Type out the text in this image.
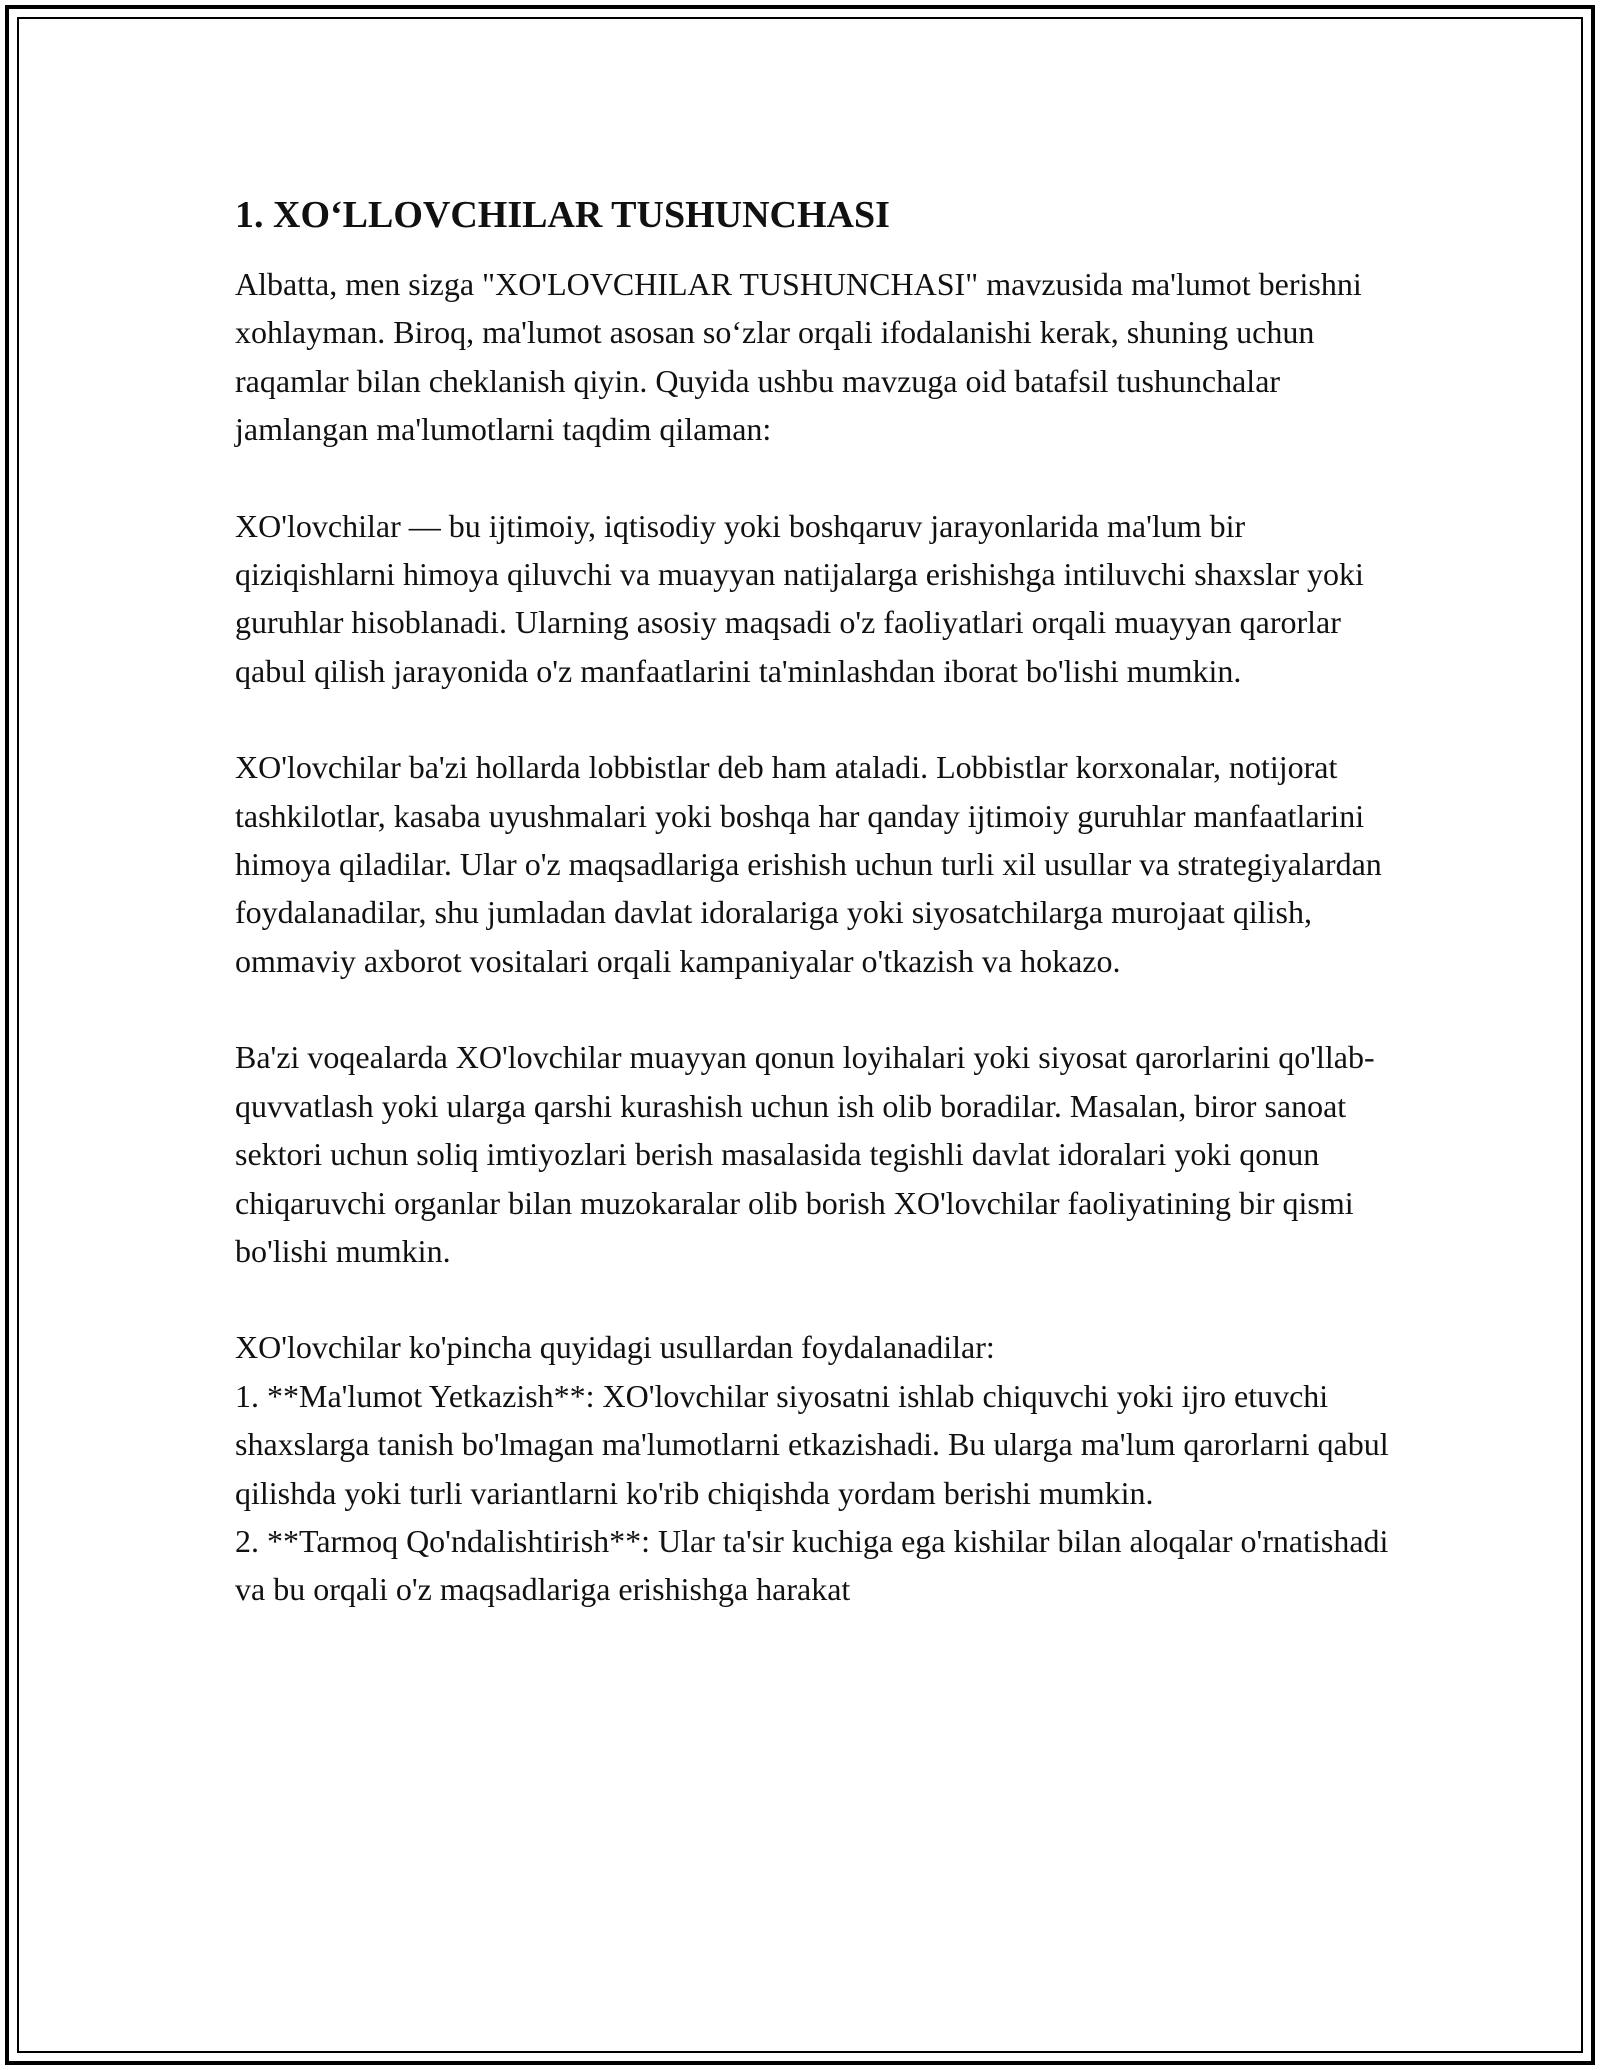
1. XO‘LLOVCHILAR TUSHUNCHASI

Albatta, men sizga "XO'LOVCHILAR TUSHUNCHASI" mavzusida ma'lumot berishni xohlayman. Biroq, ma'lumot asosan so‘zlar orqali ifodalanishi kerak, shuning uchun raqamlar bilan cheklanish qiyin. Quyida ushbu mavzuga oid batafsil tushunchalar jamlangan ma'lumotlarni taqdim qilaman:

XO'lovchilar — bu ijtimoiy, iqtisodiy yoki boshqaruv jarayonlarida ma'lum bir qiziqishlarni himoya qiluvchi va muayyan natijalarga erishishga intiluvchi shaxslar yoki guruhlar hisoblanadi. Ularning asosiy maqsadi o'z faoliyatlari orqali muayyan qarorlar qabul qilish jarayonida o'z manfaatlarini ta'minlashdan iborat bo'lishi mumkin.

XO'lovchilar ba'zi hollarda lobbistlar deb ham ataladi. Lobbistlar korxonalar, notijorat tashkilotlar, kasaba uyushmalari yoki boshqa har qanday ijtimoiy guruhlar manfaatlarini himoya qiladilar. Ular o'z maqsadlariga erishish uchun turli xil usullar va strategiyalardan foydalanadilar, shu jumladan davlat idoralariga yoki siyosatchilarga murojaat qilish, ommaviy axborot vositalari orqali kampaniyalar o'tkazish va hokazo.

Ba'zi voqealarda XO'lovchilar muayyan qonun loyihalari yoki siyosat qarorlarini qo'llab-quvvatlash yoki ularga qarshi kurashish uchun ish olib boradilar. Masalan, biror sanoat sektori uchun soliq imtiyozlari berish masalasida tegishli davlat idoralari yoki qonun chiqaruvchi organlar bilan muzokaralar olib borish XO'lovchilar faoliyatining bir qismi bo'lishi mumkin.

XO'lovchilar ko'pincha quyidagi usullardan foydalanadilar:

1. **Ma'lumot Yetkazish**: XO'lovchilar siyosatni ishlab chiquvchi yoki ijro etuvchi shaxslarga tanish bo'lmagan ma'lumotlarni etkazishadi. Bu ularga ma'lum qarorlarni qabul qilishda yoki turli variantlarni ko'rib chiqishda yordam berishi mumkin.
2. **Tarmoq Qo'ndalishtirish**: Ular ta'sir kuchiga ega kishilar bilan aloqalar o'rnatishadi va bu orqali o'z maqsadlariga erishishga harakat
